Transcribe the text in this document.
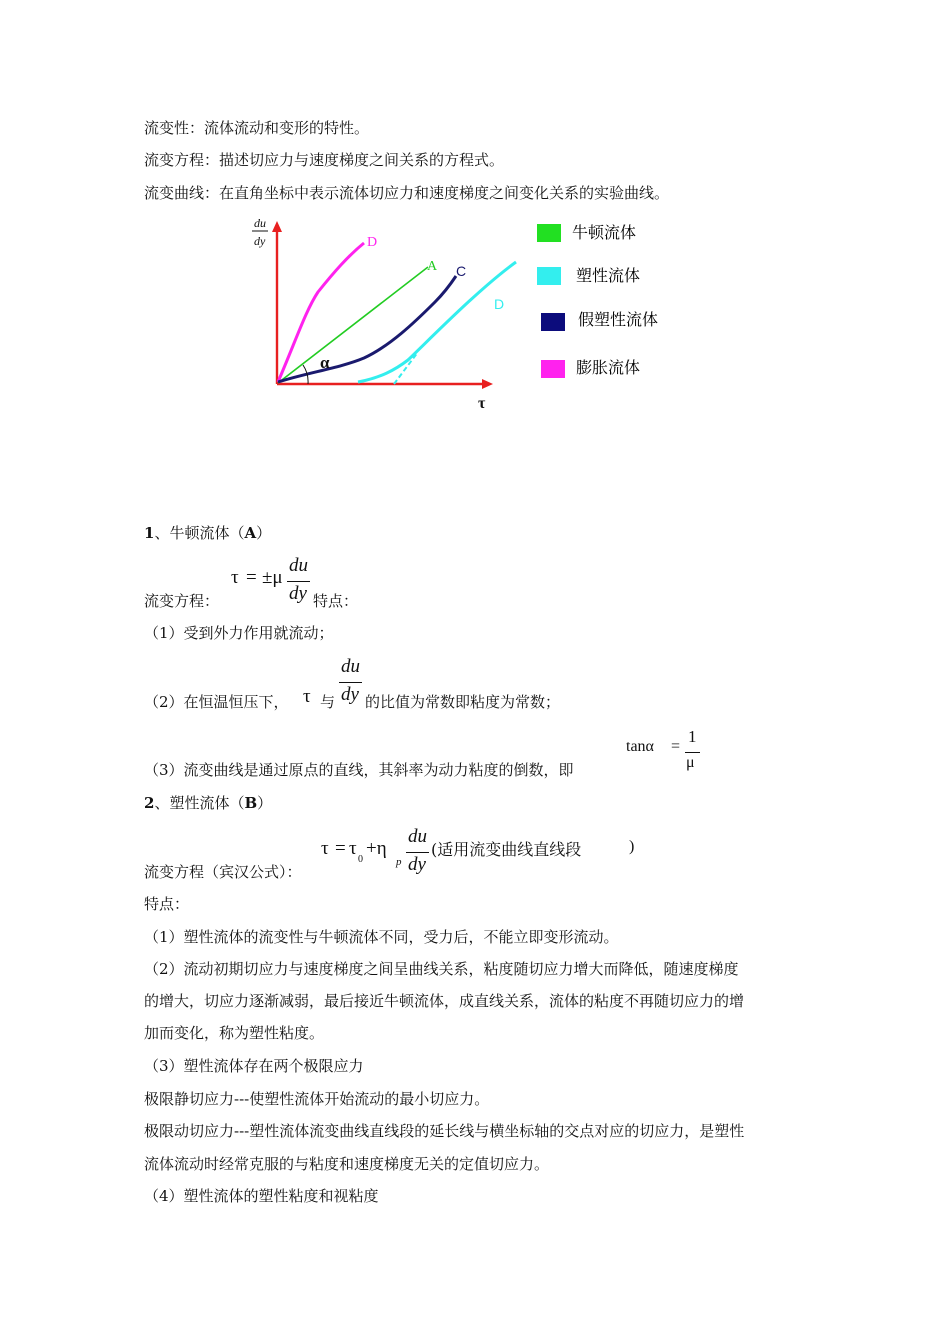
流变性：流体流动和变形的特性。
流变方程：描述切应力与速度梯度之间关系的方程式。
流变曲线：在直角坐标中表示流体切应力和速度梯度之间变化关系的实验曲线。
du
dy
τ
A
D
C
D
α
牛顿流体
塑性流体
假塑性流体
膨胀流体
1、牛顿流体（A）
τ = ±μ
du
dy
流变方程：	特点：
（1）受到外力作用就流动；
（2）在恒温恒压下， τ 与
du
dy 的比值为常数即粘度为常数；
tanα =
1
μ
（3）流变曲线是通过原点的直线，其斜率为动力粘度的倒数，即
2、塑性流体（B）
τ = τ
0
+η
p
du
dy
(适用流变曲线直线段	)
流变方程（宾汉公式）：
特点：
（1）塑性流体的流变性与牛顿流体不同，受力后，不能立即变形流动。
（2）流动初期切应力与速度梯度之间呈曲线关系，粘度随切应力增大而降低，随速度梯度
的增大，切应力逐渐减弱，最后接近牛顿流体，成直线关系，流体的粘度不再随切应力的增
加而变化，称为塑性粘度。
（3）塑性流体存在两个极限应力
极限静切应力---使塑性流体开始流动的最小切应力。
极限动切应力---塑性流体流变曲线直线段的延长线与横坐标轴的交点对应的切应力，是塑性
流体流动时经常克服的与粘度和速度梯度无关的定值切应力。
（4）塑性流体的塑性粘度和视粘度
